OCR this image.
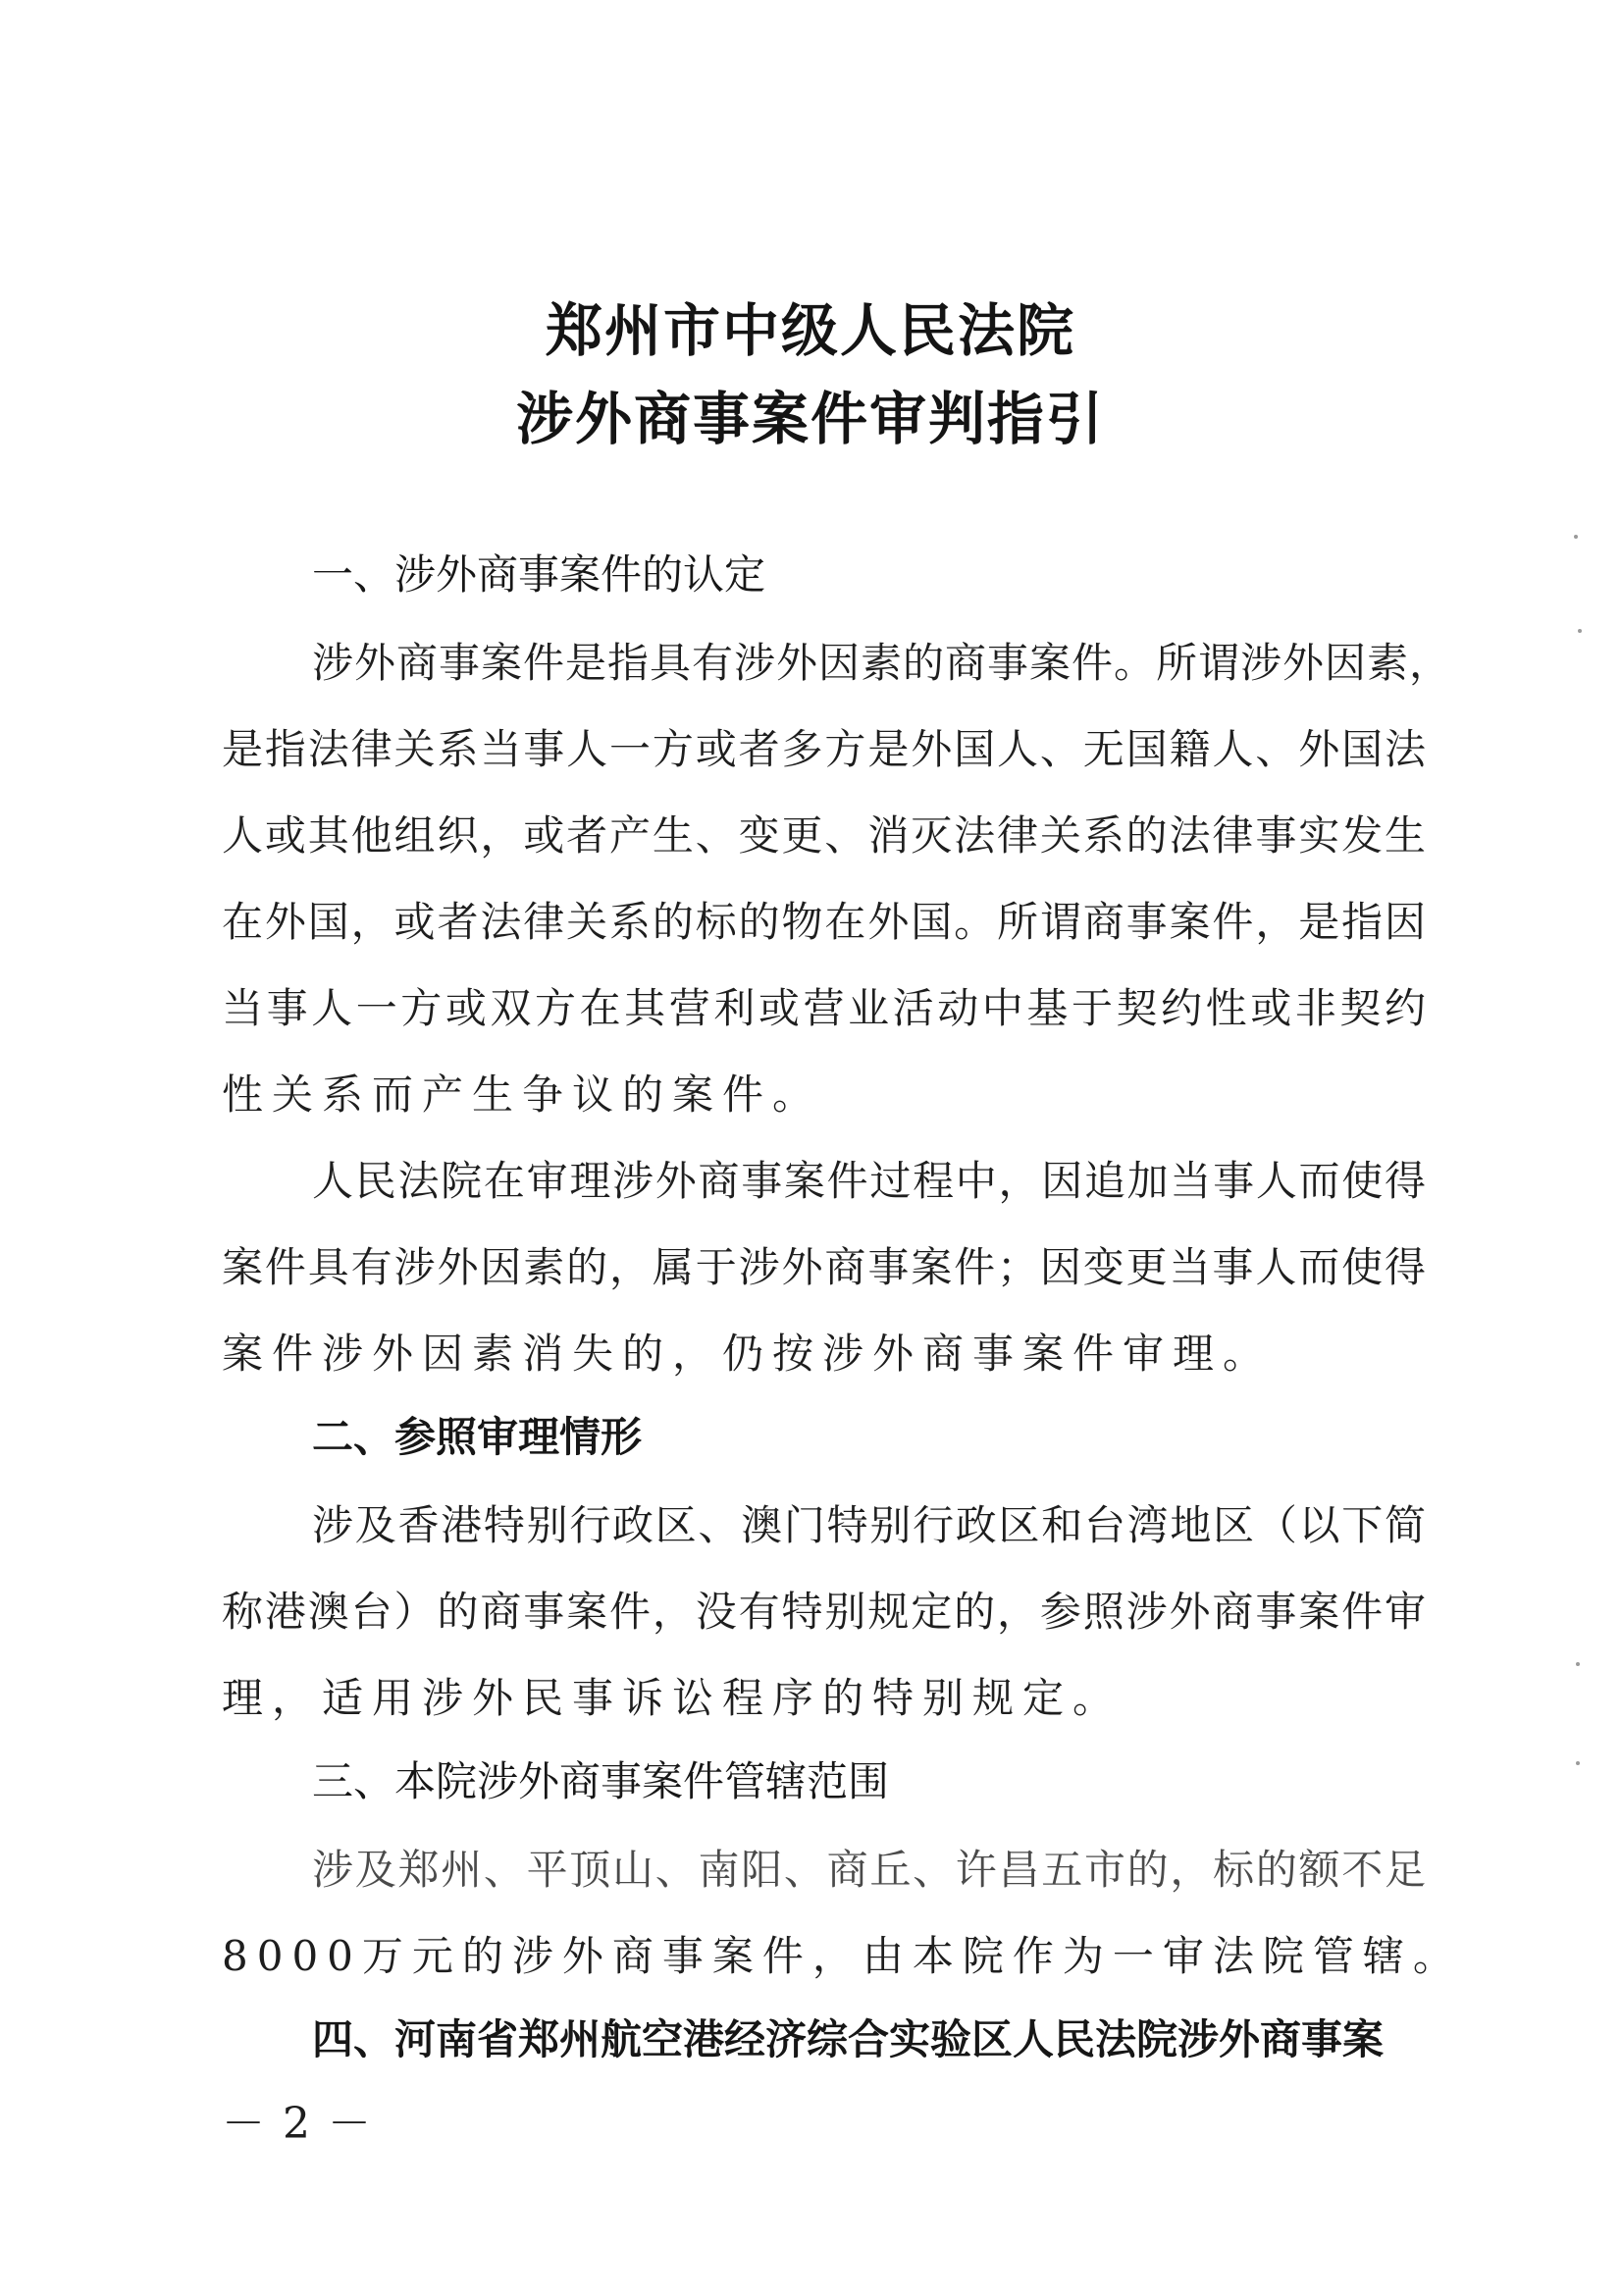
郑州市中级人民法院
涉外商事案件审判指引
一、涉外商事案件的认定
涉外商事案件是指具有涉外因素的商事案件。所谓涉外因素，
是指法律关系当事人一方或者多方是外国人、无国籍人、外国法
人或其他组织，或者产生、变更、消灭法律关系的法律事实发生
在外国，或者法律关系的标的物在外国。所谓商事案件，是指因
当事人一方或双方在其营利或营业活动中基于契约性或非契约
性关系而产生争议的案件。
人民法院在审理涉外商事案件过程中，因追加当事人而使得
案件具有涉外因素的，属于涉外商事案件；因变更当事人而使得
案件涉外因素消失的，仍按涉外商事案件审理。
二、参照审理情形
涉及香港特别行政区、澳门特别行政区和台湾地区（以下简
称港澳台）的商事案件，没有特别规定的，参照涉外商事案件审
理，适用涉外民事诉讼程序的特别规定。
三、本院涉外商事案件管辖范围
涉及郑州、平顶山、南阳、商丘、许昌五市的，标的额不足
8000万元的涉外商事案件，由本院作为一审法院管辖。
四、河南省郑州航空港经济综合实验区人民法院涉外商事案
－ 2 －
